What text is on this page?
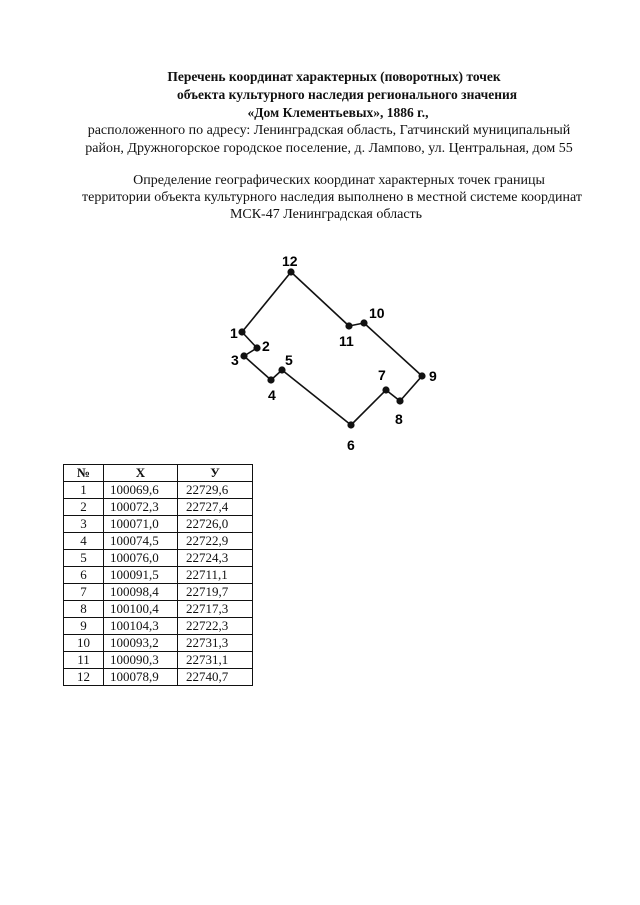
Перечень координат характерных (поворотных) точек
объекта культурного наследия регионального значения
«Дом Клементьевых», 1886 г.,
расположенного по адресу: Ленинградская область, Гатчинский муниципальный
район, Дружногорское городское поселение, д. Лампово, ул. Центральная, дом 55
Определение географических координат характерных точек границы
территории объекта культурного наследия выполнено в местной системе координат
МСК-47 Ленинградская область
1
2
3
4
5
6
7
8
9
10
11
12
№	X	У
1	100069,6	22729,6
2	100072,3	22727,4
3	100071,0	22726,0
4	100074,5	22722,9
5	100076,0	22724,3
6	100091,5	22711,1
7	100098,4	22719,7
8	100100,4	22717,3
9	100104,3	22722,3
10	100093,2	22731,3
11	100090,3	22731,1
12	100078,9	22740,7
